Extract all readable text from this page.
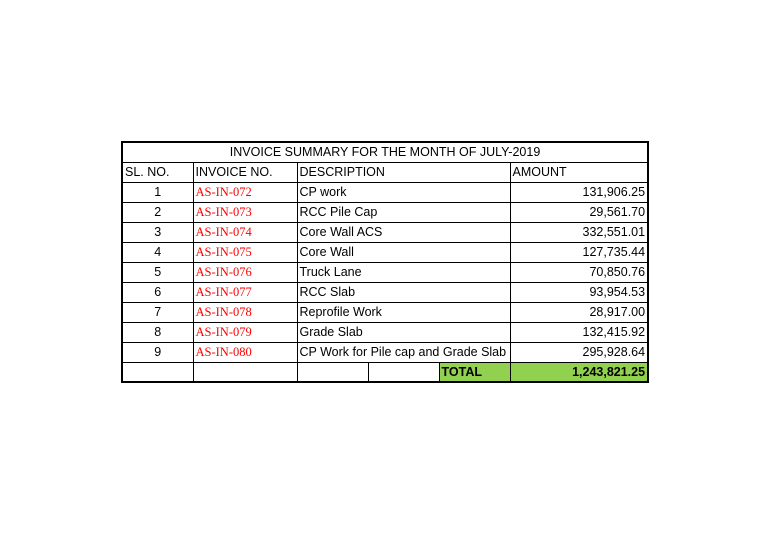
INVOICE SUMMARY FOR THE MONTH OF JULY-2019					
SL. NO.	INVOICE NO.	DESCRIPTION			AMOUNT
1	AS-IN-072	CP work			131,906.25
2	AS-IN-073	RCC Pile Cap			29,561.70
3	AS-IN-074	Core Wall ACS			332,551.01
4	AS-IN-075	Core Wall			127,735.44
5	AS-IN-076	Truck Lane			70,850.76
6	AS-IN-077	RCC Slab			93,954.53
7	AS-IN-078	Reprofile Work			28,917.00
8	AS-IN-079	Grade Slab			132,415.92
9	AS-IN-080	CP Work for Pile cap and Grade Slab			295,928.64
				TOTAL	1,243,821.25
